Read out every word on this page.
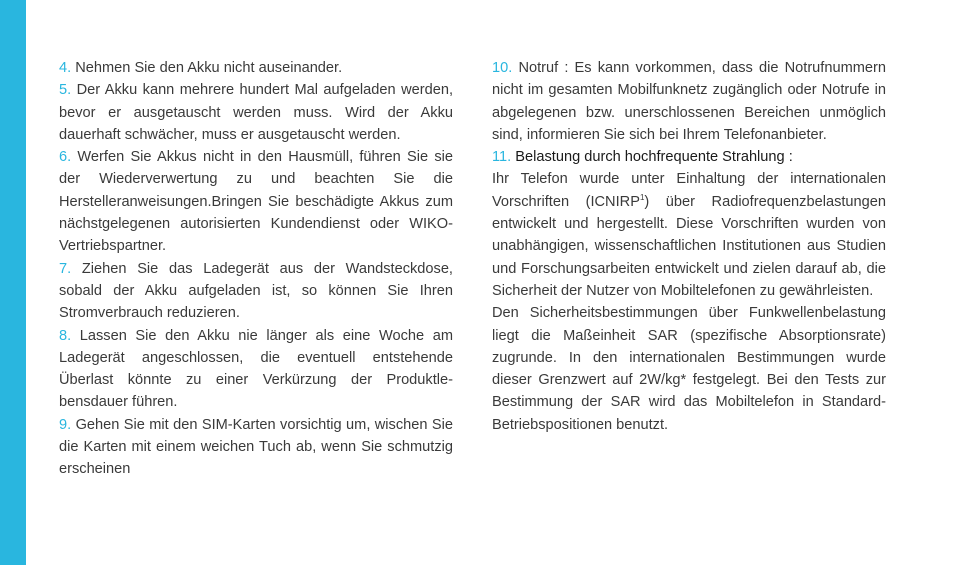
4. Nehmen Sie den Akku nicht auseinander.

5. Der Akku kann mehrere hundert Mal aufgeladen werden, bevor er ausgetauscht werden muss. Wird der Akku dauerhaft schwächer, muss er ausgetauscht werden.

6. Werfen Sie Akkus nicht in den Hausmüll, führen Sie sie der Wiederverwertung zu und beachten Sie die Herstelleranweisungen.Bringen Sie beschädigte Akkus zum nächstgelegenen autorisierten Kundendienst oder WIKO-Vertriebspartner.

7. Ziehen Sie das Ladegerät aus der Wandsteckdose, sobald der Akku aufgeladen ist, so können Sie Ihren Stromverbrauch reduzieren.

8. Lassen Sie den Akku nie länger als eine Woche am Ladegerät angeschlossen, die eventuell entstehende Überlast könnte zu einer Verkürzung der Produktlebensdauer führen.

9. Gehen Sie mit den SIM-Karten vorsichtig um, wischen Sie die Karten mit einem weichen Tuch ab, wenn Sie schmutzig erscheinen

10. Notruf : Es kann vorkommen, dass die Notrufnummern nicht im gesamten Mobilfunknetz zugänglich oder Notrufe in abgelegenen bzw. unerschlossenen Bereichen unmöglich sind, informieren Sie sich bei Ihrem Telefonanbieter.

11. Belastung durch hochfrequente Strahlung :

Ihr Telefon wurde unter Einhaltung der internationalen Vorschriften (ICNIRP$^1$) über Radiofrequenzbelastungen entwickelt und hergestellt. Diese Vorschriften wurden von unabhängigen, wissenschaftlichen Institutionen aus Studien und Forschungsarbeiten entwickelt und zielen darauf ab, die Sicherheit der Nutzer von Mobiltelefonen zu gewährleisten.

Den Sicherheitsbestimmungen über Funkwellenbelastung liegt die Maßeinheit SAR (spezifische Absorptionsrate) zugrunde. In den internationalen Bestimmungen wurde dieser Grenzwert auf 2W/kg* festgelegt. Bei den Tests zur Bestimmung der SAR wird das Mobiltelefon in Standard-Betriebspositionen benutzt.
